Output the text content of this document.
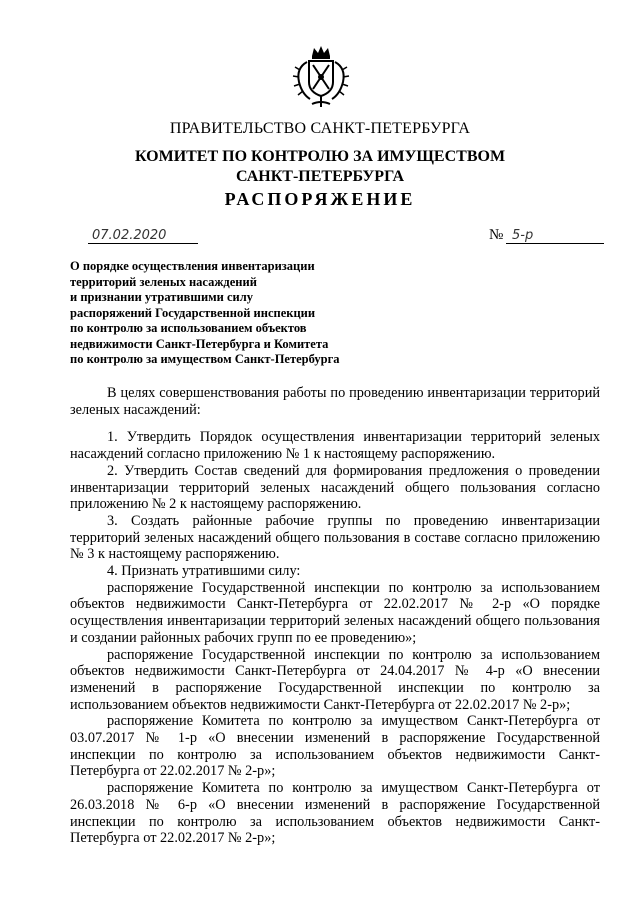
ПРАВИТЕЛЬСТВО САНКТ-ПЕТЕРБУРГА
КОМИТЕТ ПО КОНТРОЛЮ ЗА ИМУЩЕСТВОМ
САНКТ-ПЕТЕРБУРГА
РАСПОРЯЖЕНИЕ
07.02.2020	№ 5-р
О порядке осуществления инвентаризации
территорий зеленых насаждений
и признании утратившими силу
распоряжений Государственной инспекции
по контролю за использованием объектов
недвижимости Санкт-Петербурга и Комитета
по контролю за имуществом Санкт-Петербурга

В целях совершенствования работы по проведению инвентаризации территорий зеленых насаждений:

1. Утвердить Порядок осуществления инвентаризации территорий зеленых насаждений согласно приложению № 1 к настоящему распоряжению.

2. Утвердить Состав сведений для формирования предложения о проведении инвентаризации территорий зеленых насаждений общего пользования согласно приложению № 2 к настоящему распоряжению.

3. Создать районные рабочие группы по проведению инвентаризации территорий зеленых насаждений общего пользования в составе согласно приложению № 3 к настоящему распоряжению.

4. Признать утратившими силу:

распоряжение Государственной инспекции по контролю за использованием объектов недвижимости Санкт-Петербурга от 22.02.2017 № 2-р «О порядке осуществления инвентаризации территорий зеленых насаждений общего пользования и создании районных рабочих групп по ее проведению»;

распоряжение Государственной инспекции по контролю за использованием объектов недвижимости Санкт-Петербурга от 24.04.2017 № 4-р «О внесении изменений в распоряжение Государственной инспекции по контролю за использованием объектов недвижимости Санкт-Петербурга от 22.02.2017 № 2-р»;

распоряжение Комитета по контролю за имуществом Санкт-Петербурга от 03.07.2017 № 1-р «О внесении изменений в распоряжение Государственной инспекции по контролю за использованием объектов недвижимости Санкт-Петербурга от 22.02.2017 № 2-р»;

распоряжение Комитета по контролю за имуществом Санкт-Петербурга от 26.03.2018 № 6-р «О внесении изменений в распоряжение Государственной инспекции по контролю за использованием объектов недвижимости Санкт-Петербурга от 22.02.2017 № 2-р»;
